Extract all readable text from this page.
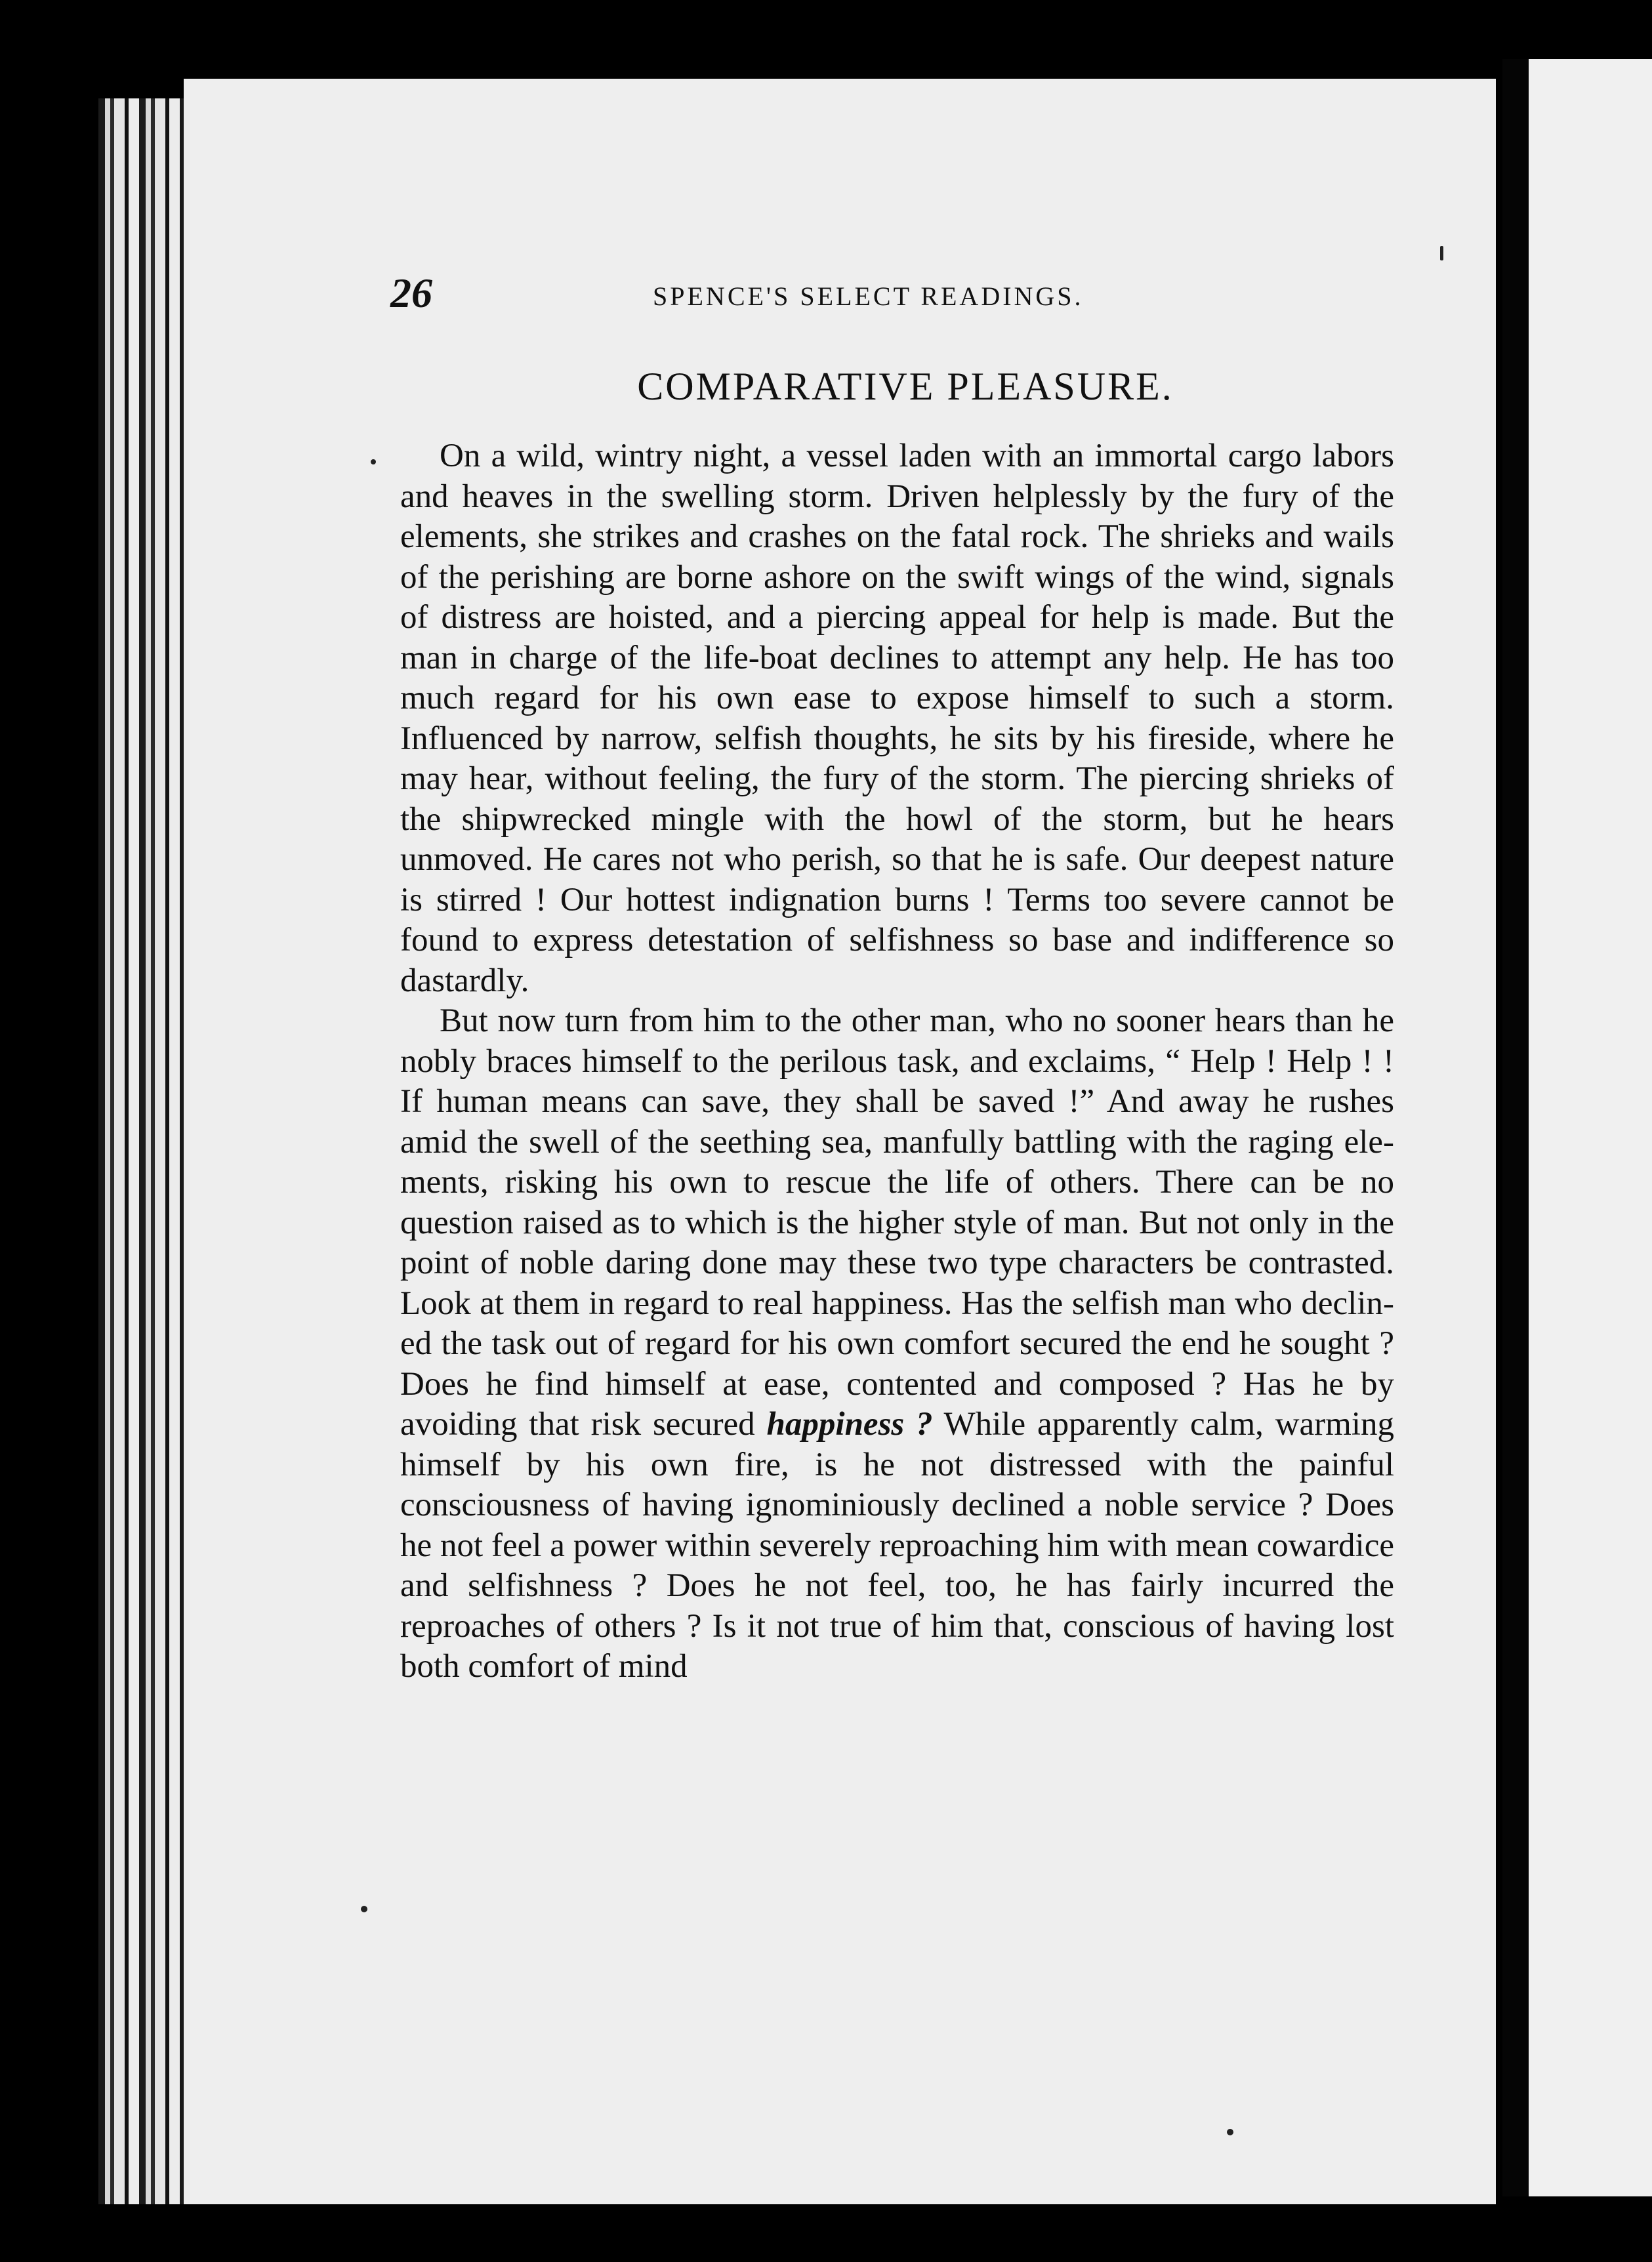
26	SPENCE'S SELECT READINGS.
COMPARATIVE PLEASURE.

On a wild, wintry night, a vessel laden with an immortal cargo labors and heaves in the swelling storm. Driven helplessly by the fury of the elements, she strikes and crashes on the fatal rock. The shrieks and wails of the perishing are borne ashore on the swift wings of the wind, signals of distress are hoisted, and a piercing appeal for help is made. But the man in charge of the life-boat declines to attempt any help. He has too much regard for his own ease to expose himself to such a storm. Influenced by narrow, selfish thoughts, he sits by his fireside, where he may hear, without feeling, the fury of the storm. The piercing shrieks of the shipwrecked mingle with the howl of the storm, but he hears unmoved. He cares not who perish, so that he is safe. Our deepest nature is stirred ! Our hottest indignation burns ! Terms too severe cannot be found to express detestation of selfishness so base and indifference so dastardly.

But now turn from him to the other man, who no sooner hears than he nobly braces himself to the perilous task, and exclaims, “ Help ! Help ! ! If human means can save, they shall be saved !” And away he rushes amid the swell of the seething sea, manfully battling with the raging elements, risking his own to rescue the life of others. There can be no question raised as to which is the higher style of man. But not only in the point of noble daring done may these two type characters be contrasted. Look at them in regard to real happiness. Has the selfish man who declined the task out of regard for his own comfort secured the end he sought ? Does he find himself at ease, contented and composed ? Has he by avoiding that risk secured happiness ? While apparently calm, warming himself by his own fire, is he not distressed with the painful consciousness of having ignominiously declined a noble service ? Does he not feel a power within severely reproaching him with mean cowardice and selfishness ? Does he not feel, too, he has fairly incurred the reproaches of others ? Is it not true of him that, conscious of having lost both comfort of mind
